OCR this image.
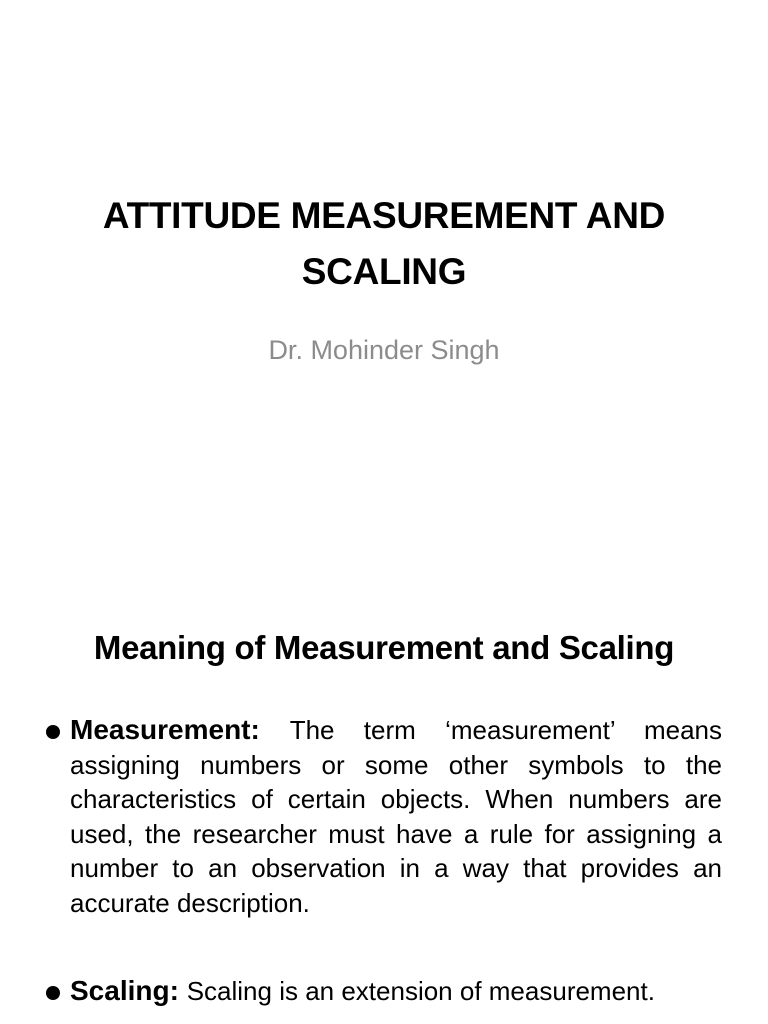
ATTITUDE MEASUREMENT AND SCALING
Dr. Mohinder Singh
Meaning of Measurement and Scaling
Measurement: The term ‘measurement’ means assigning numbers or some other symbols to the characteristics of certain objects. When numbers are used, the researcher must have a rule for assigning a number to an observation in a way that provides an accurate description.
Scaling: Scaling is an extension of measurement.
